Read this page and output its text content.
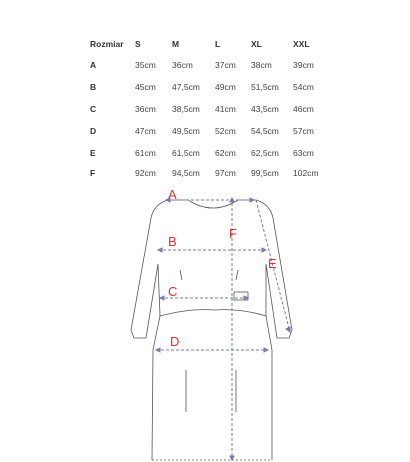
Rozmiar S	M	L	XL	XXL
A	35cm 36cm	37cm 38cm 39cm
B	45cm 47,5cm 49cm 51,5cm 54cm
C	36cm 38,5cm 41cm 43,5cm 46cm
D	47cm 49,5cm 52cm 54,5cm 57cm
E	61cm 61,5cm 62cm 62,5cm 63cm
F	92cm 94,5cm 97cm 99,5cm 102cm
A
B
C
D
F
E
